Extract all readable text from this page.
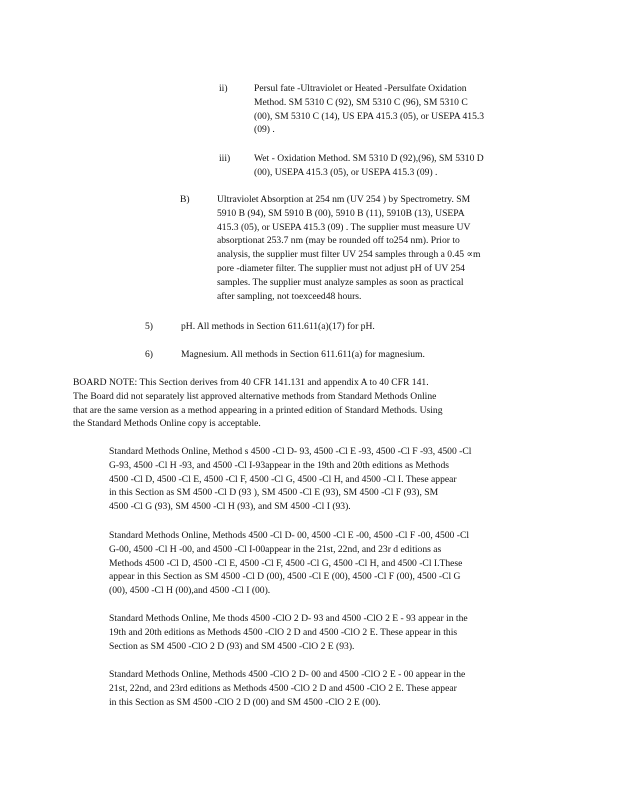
ii)	Persul fate -Ultraviolet or Heated -Persulfate Oxidation

Method. SM 5310 C (92), SM 5310 C (96), SM 5310 C

(00), SM 5310 C (14), US EPA 415.3 (05), or USEPA 415.3

(09) .

iii) Wet - Oxidation Method. SM 5310 D (92),(96), SM 5310 D

(00), USEPA 415.3 (05), or USEPA 415.3 (09) .

B)	Ultraviolet Absorption at 254 nm (UV 254 ) by Spectrometry. SM

5910 B (94), SM 5910 B (00), 5910 B (11), 5910B (13), USEPA

415.3 (05), or USEPA 415.3 (09) . The supplier must measure UV

absorptionat 253.7 nm (may be rounded off to254 nm). Prior to

analysis, the supplier must filter UV 254 samples through a 0.45 ∝m

pore -diameter filter. The supplier must not adjust pH of UV 254

samples. The supplier must analyze samples as soon as practical

after sampling, not toexceed48 hours.

5)	pH. All methods in Section 611.611(a)(17) for pH.

6)	Magnesium. All methods in Section 611.611(a) for magnesium.

BOARD NOTE: This Section derives from 40 CFR 141.131 and appendix A to 40 CFR 141.

The Board did not separately list approved alternative methods from Standard Methods Online

that are the same version as a method appearing in a printed edition of Standard Methods. Using

the Standard Methods Online copy is acceptable.

Standard Methods Online, Method s 4500 -Cl D- 93, 4500 -Cl E -93, 4500 -Cl F -93, 4500 -Cl

G-93, 4500 -Cl H -93, and 4500 -Cl I-93appear in the 19th and 20th editions as Methods

4500 -Cl D, 4500 -Cl E, 4500 -Cl F, 4500 -Cl G, 4500 -Cl H, and 4500 -Cl I. These appear

in this Section as SM 4500 -Cl D (93 ), SM 4500 -Cl E (93), SM 4500 -Cl F (93), SM

4500 -Cl G (93), SM 4500 -Cl H (93), and SM 4500 -Cl I (93).

Standard Methods Online, Methods 4500 -Cl D- 00, 4500 -Cl E -00, 4500 -Cl F -00, 4500 -Cl

G-00, 4500 -Cl H -00, and 4500 -Cl I-00appear in the 21st, 22nd, and 23r d editions as

Methods 4500 -Cl D, 4500 -Cl E, 4500 -Cl F, 4500 -Cl G, 4500 -Cl H, and 4500 -Cl I.These

appear in this Section as SM 4500 -Cl D (00), 4500 -Cl E (00), 4500 -Cl F (00), 4500 -Cl G

(00), 4500 -Cl H (00),and 4500 -Cl I (00).

Standard Methods Online, Me thods 4500 -ClO 2 D- 93 and 4500 -ClO 2 E - 93 appear in the

19th and 20th editions as Methods 4500 -ClO 2 D and 4500 -ClO 2 E. These appear in this

Section as SM 4500 -ClO 2 D (93) and SM 4500 -ClO 2 E (93).

Standard Methods Online, Methods 4500 -ClO 2 D- 00 and 4500 -ClO 2 E - 00 appear in the

21st, 22nd, and 23rd editions as Methods 4500 -ClO 2 D and 4500 -ClO 2 E. These appear

in this Section as SM 4500 -ClO 2 D (00) and SM 4500 -ClO 2 E (00).
